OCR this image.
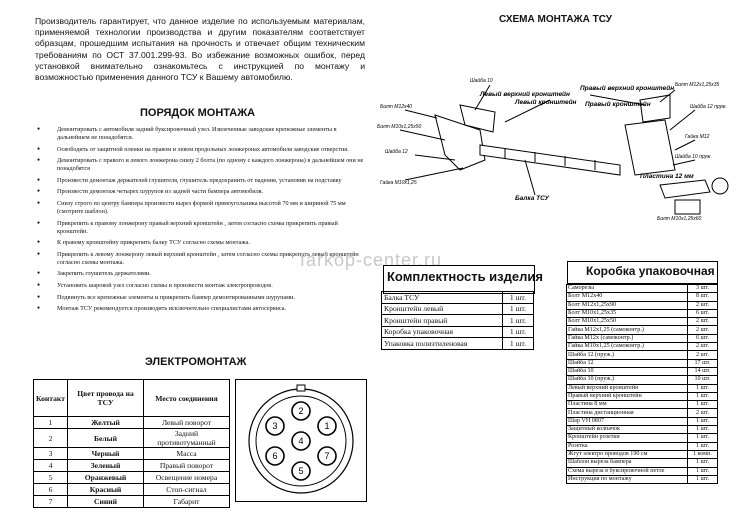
Производитель гарантирует, что данное изделие по используемым материалам, применяемой технологии производства и другим показателям соответствует образцам, прошедшим испытания на прочность и отвечает общим техническим требованиям по ОСТ 37.001.299-93. Во избежание возможных ошибок, перед установкой внимательно ознакомьтесь с инструкцией по монтажу и возможностью применения данного ТСУ к Вашему автомобилю.
ПОРЯДОК МОНТАЖА
● Демонтировать с автомобиля задний буксировочный узел. Извлеченные заводские крепежные элементы в дальнейшем не понадобятся.
● Освободить от защитной пленки на правом и левом продольных лонжеронах автомобиля заводские отверстия.
● Демонтировать с правого и левого лонжерона снизу 2 болта (по одному с каждого лонжерона) в дальнейшем они не понадобятся
● Произвести демонтаж держателей глушителя, глушитель предохранить от падения, установив на подставку
● Произвести демонтаж четырех шурупов из задней части бампера автомобиля.
● Снизу строго по центру бампера произвести вырез формой прямоугольника высотой 70 мм и шириной 75 мм (смотрите шаблон).
● Прикрепить к правому лонжерону правый верхний кронштейн , затем согласно схемы прикрепить правый кронштейн.
● К правому кронштейну прикрепить балку ТСУ согласно схемы монтажа.
● Прикрепить к левому лонжерону левый верхний кронштейн , затем согласно схемы прикрепить левый кронштейн согласно схемы монтажа.
● Закрепить глушитель держателями.
● Установить шаровой узел согласно схемы и произвести монтаж электропроводов.
● Подвинуть все крепежные элементы и прикрепить бампер демонтированными шурупами.
● Монтаж ТСУ рекомендуется производить исключительно специалистами автосервиса.
farkop-center.ru
ЭЛЕКТРОМОНТАЖ
Контакт	Цвет провода на ТСУ	Место соединения
1	Желтый	Левый поворот
2	Белый	Задний противотуманный
3	Черный	Масса
4	Зеленый	Правый поворот
5	Оранжевый	Освещение номера
6	Красный	Стоп-сигнал
7	Синий	Габарит
2
1
3
7
6
5
4
СХЕМА МОНТАЖА ТСУ
Болт М12х40
Болт М10х1,25х50
Шайба 12
Гайка М10х1,25
Шайба 10
Левый верхний кронштейн
Левый кронштейн
Правый верхний кронштейн
Правый кронштейн
Болт М12х1,25х35
Шайба 12 пруж.
Гайка М12
Шайба 10 пруж.
Балка ТСУ
Пластина 12 мм
Болт М10х1,25х60
Комплектность изделия
Балка ТСУ	1 шт.
Кронштейн левый	1 шт.
Кронштейн правый	1 шт.
Коробка упаковочная	1 шт.
Упаковка полиэтиленовая	1 шт.
Коробка упаковочная
Саморезы	3 шт.
Болт М12х40	8 шт.
Болт М12х1,25х90	2 шт.
Болт М10х1,25х35	6 шт.
Болт М10х1,25х50	2 шт.
Гайка М12х1,25 (самоконтр.)	2 шт.
Гайка М12х (самоконтр.)	6 шт.
Гайка М10х1,25 (самоконтр.)	2 шт.
Шайба 12 (пруж.)	2 шт.
Шайба 12	17 шт.
Шайба 10	14 шт.
Шайба 10 (пруж.)	10 шт.
Левый верхний кронштейн	1 шт.
Правый верхний кронштейн	1 шт.
Пластина 8 мм	1 шт.
Пластина дистанционная	2 шт.
Шар VH 0807	1 шт.
Защитный колпачок	1 шт.
Кронштейн розетки	1 шт.
Розетка	1 шт.
Жгут электро проводов 190 см	1 комп.
Шаблон выреза бампера	1 шт.
Схема выреза в буксировочной петле	1 шт.
Инструкция по монтажу	1 шт.
